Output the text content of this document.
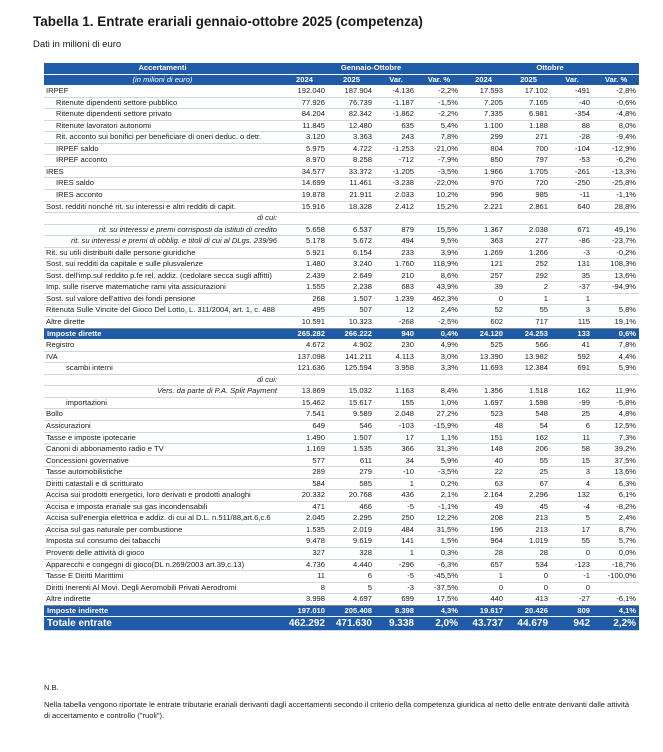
Tabella 1. Entrate erariali gennaio-ottobre 2025 (competenza)
Dati in milioni di euro
Accertamenti	Gennaio-Ottobre				Ottobre			
(in milioni di euro)	2024	2025	Var.	Var. %	2024	2025	Var.	Var. %
IRPEF	192.040	187.904	-4.136	-2,2%	17.593	17.102	-491	-2,8%
Ritenute dipendenti settore pubblico	77.926	76.739	-1.187	-1,5%	7.205	7.165	-40	-0,6%
Ritenute dipendenti settore privato	84.204	82.342	-1.862	-2,2%	7.335	6.981	-354	-4,8%
Ritenute lavoratori autonomi	11.845	12.480	635	5,4%	1.100	1.188	88	8,0%
Rit. acconto sui bonifici per beneficiare di oneri deduc. o detr.	3.120	3.363	243	7,8%	299	271	-28	-9,4%
IRPEF saldo	5.975	4.722	-1.253	-21,0%	804	700	-104	-12,9%
IRPEF acconto	8.970	8.258	-712	-7,9%	850	797	-53	-6,2%
IRES	34.577	33.372	-1.205	-3,5%	1.966	1.705	-261	-13,3%
IRES saldo	14.699	11.461	-3.238	-22,0%	970	720	-250	-25,8%
IRES acconto	19.878	21.911	2.033	10,2%	996	985	-11	-1,1%
Sost. redditi nonché rit. su interessi e altri redditi di capit.	15.916	18.328	2.412	15,2%	2.221	2.861	640	28,8%
di cui:								
rit. su interessi e premi corrisposti da istituti di credito	5.658	6.537	879	15,5%	1.367	2.038	671	49,1%
rit. su interessi e premi di obblig. e titoli di cui al DLgs. 239/96	5.178	5.672	494	9,5%	363	277	-86	-23,7%
Rit. su utili distribuiti dalle persone giuridiche	5.921	6.154	233	3,9%	1.269	1.266	-3	-0,2%
Sost. sui redditi da capitale e sulle plusvalenze	1.480	3.240	1.760	118,9%	121	252	131	108,3%
Sost. dell'imp.sul reddito p.fe rel. addiz. (cedolare secca sugli affitti)	2.439	2.649	210	8,6%	257	292	35	13,6%
Imp. sulle riserve matematiche rami vita assicurazioni	1.555	2.238	683	43,9%	39	2	-37	-94,9%
Sost. sul valore dell'attivo dei fondi pensione	268	1.507	1.239	462,3%	0	1	1	
Ritenuta Sulle Vincite del Gioco Del Lotto, L. 311/2004, art. 1, c. 488	495	507	12	2,4%	52	55	3	5,8%
Altre dirette	10.591	10.323	-268	-2,5%	602	717	115	19,1%
Imposte dirette	265.282	266.222	940	0,4%	24.120	24.253	133	0,6%
Registro	4.672	4.902	230	4,9%	525	566	41	7,8%
IVA	137.098	141.211	4.113	3,0%	13.390	13.982	592	4,4%
scambi interni	121.636	125.594	3.958	3,3%	11.693	12.384	691	5,9%
di cui:								
Vers. da parte di P.A. Split Payment	13.869	15.032	1.163	8,4%	1.356	1.518	162	11,9%
importazioni	15.462	15.617	155	1,0%	1.697	1.598	-99	-5,8%
Bollo	7.541	9.589	2.048	27,2%	523	548	25	4,8%
Assicurazioni	649	546	-103	-15,9%	48	54	6	12,5%
Tasse e imposte ipotecarie	1.490	1.507	17	1,1%	151	162	11	7,3%
Canoni di abbonamento radio e TV	1.169	1.535	366	31,3%	148	206	58	39,2%
Concessioni governative	577	611	34	5,9%	40	55	15	37,5%
Tasse automobilistiche	289	279	-10	-3,5%	22	25	3	13,6%
Diritti catastali e di scritturato	584	585	1	0,2%	63	67	4	6,3%
Accisa sui prodotti energetici, loro derivati e prodotti analoghi	20.332	20.768	436	2,1%	2.164	2.296	132	6,1%
Accisa e imposta erariale sui gas incondensabili	471	466	-5	-1,1%	49	45	-4	-8,2%
Accisa sull'energia elettrica e addiz. di cui al D.L. n.511/88,art.6,c.6	2.045	2.295	250	12,2%	208	213	5	2,4%
Accisa sul gas naturale per combustione	1.535	2.019	484	31,5%	196	213	17	8,7%
Imposta sul consumo dei tabacchi	9.478	9.619	141	1,5%	964	1.019	55	5,7%
Proventi delle attività di gioco	327	328	1	0,3%	28	28	0	0,0%
Apparecchi e congegni di gioco(DL n.269/2003 art.39,c.13)	4.736	4.440	-296	-6,3%	657	534	-123	-18,7%
Tasse E Diritti Marittimi	11	6	-5	-45,5%	1	0	-1	-100,0%
Diritti Inerenti Al Movi. Degli Aeromobili Privati Aerodromi	8	5	-3	-37,5%	0	0	0	
Altre indirette	3.998	4.697	699	17,5%	440	413	-27	-6,1%
Imposte indirette	197.010	205.408	8.398	4,3%	19.617	20.426	809	4,1%
Totale entrate	462.292	471.630	9.338	2,0%	43.737	44.679	942	2,2%
N.B.
Nella tabella vengono riportate le entrate tributarie erariali derivanti dagli accertamenti secondo il criterio della competenza giuridica al netto delle entrate derivanti dalle attività di accertamento e controllo ("ruoli").
